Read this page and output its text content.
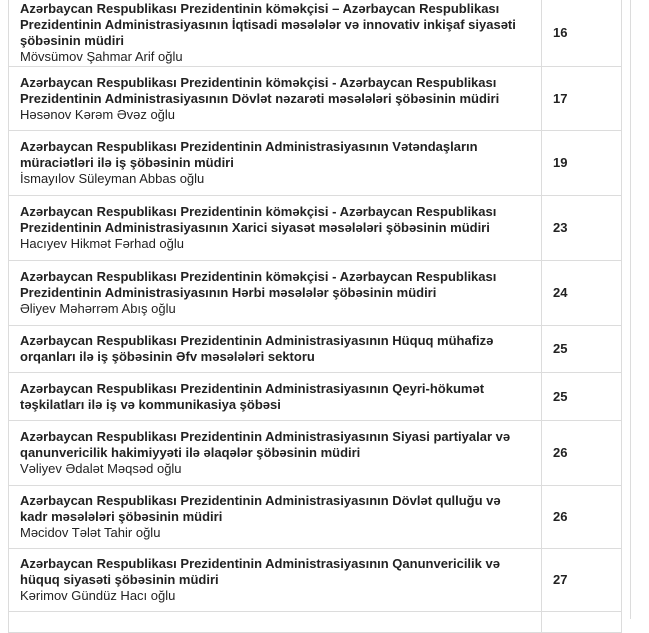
Azərbaycan Respublikası Prezidentinin köməkçisi – Azərbaycan Respublikası Prezidentinin Administrasiyasının İqtisadi məsələlər və innovativ inkişaf siyasəti şöbəsinin müdiri
Mövsümov Şahmar Arif oğlu	16

Azərbaycan Respublikası Prezidentinin köməkçisi - Azərbaycan Respublikası Prezidentinin Administrasiyasının Dövlət nəzarəti məsələləri şöbəsinin müdiri
Həsənov Kərəm Əvəz oğlu	17

Azərbaycan Respublikası Prezidentinin Administrasiyasının Vətəndaşların müraciətləri ilə iş şöbəsinin müdiri
İsmayılov Süleyman Abbas oğlu	19

Azərbaycan Respublikası Prezidentinin köməkçisi - Azərbaycan Respublikası Prezidentinin Administrasiyasının Xarici siyasət məsələləri şöbəsinin müdiri
Hacıyev Hikmət Fərhad oğlu	23

Azərbaycan Respublikası Prezidentinin köməkçisi - Azərbaycan Respublikası Prezidentinin Administrasiyasının Hərbi məsələlər şöbəsinin müdiri
Əliyev Məhərrəm Abış oğlu	24

Azərbaycan Respublikası Prezidentinin Administrasiyasının Hüquq mühafizə orqanları ilə iş şöbəsinin Əfv məsələləri sektoru	25

Azərbaycan Respublikası Prezidentinin Administrasiyasının Qeyri-hökumət təşkilatları ilə iş və kommunikasiya şöbəsi	25

Azərbaycan Respublikası Prezidentinin Administrasiyasının Siyasi partiyalar və qanunvericilik hakimiyyəti ilə əlaqələr şöbəsinin müdiri
Vəliyev Ədalət Məqsəd oğlu	26

Azərbaycan Respublikası Prezidentinin Administrasiyasının Dövlət qulluğu və kadr məsələləri şöbəsinin müdiri
Məcidov Tələt Tahir oğlu	26

Azərbaycan Respublikası Prezidentinin Administrasiyasının Qanunvericilik və hüquq siyasəti şöbəsinin müdiri
Kərimov Gündüz Hacı oğlu	27
